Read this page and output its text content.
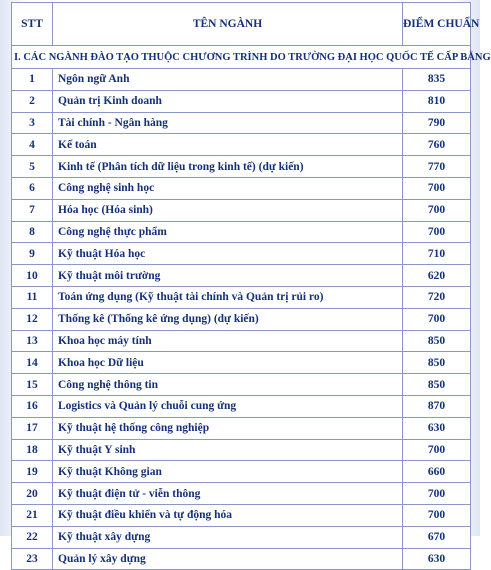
STT	TÊN NGÀNH	ĐIỂM CHUẨN
I. CÁC NGÀNH ĐÀO TẠO THUỘC CHƯƠNG TRÌNH DO TRƯỜNG ĐẠI HỌC QUỐC TẾ CẤP BẰNG		
1	Ngôn ngữ Anh	835
2	Quản trị Kinh doanh	810
3	Tài chính - Ngân hàng	790
4	Kế toán	760
5	Kinh tế (Phân tích dữ liệu trong kinh tế) (dự kiến)	770
6	Công nghệ sinh học	700
7	Hóa học (Hóa sinh)	700
8	Công nghệ thực phẩm	700
9	Kỹ thuật Hóa học	710
10	Kỹ thuật môi trường	620
11	Toán ứng dụng (Kỹ thuật tài chính và Quản trị rủi ro)	720
12	Thống kê (Thống kê ứng dụng) (dự kiến)	700
13	Khoa học máy tính	850
14	Khoa học Dữ liệu	850
15	Công nghệ thông tin	850
16	Logistics và Quản lý chuỗi cung ứng	870
17	Kỹ thuật hệ thống công nghiệp	630
18	Kỹ thuật Y sinh	700
19	Kỹ thuật Không gian	660
20	Kỹ thuật điện tử - viễn thông	700
21	Kỹ thuật điều khiển và tự động hóa	700
22	Kỹ thuật xây dựng	670
23	Quản lý xây dựng	630
